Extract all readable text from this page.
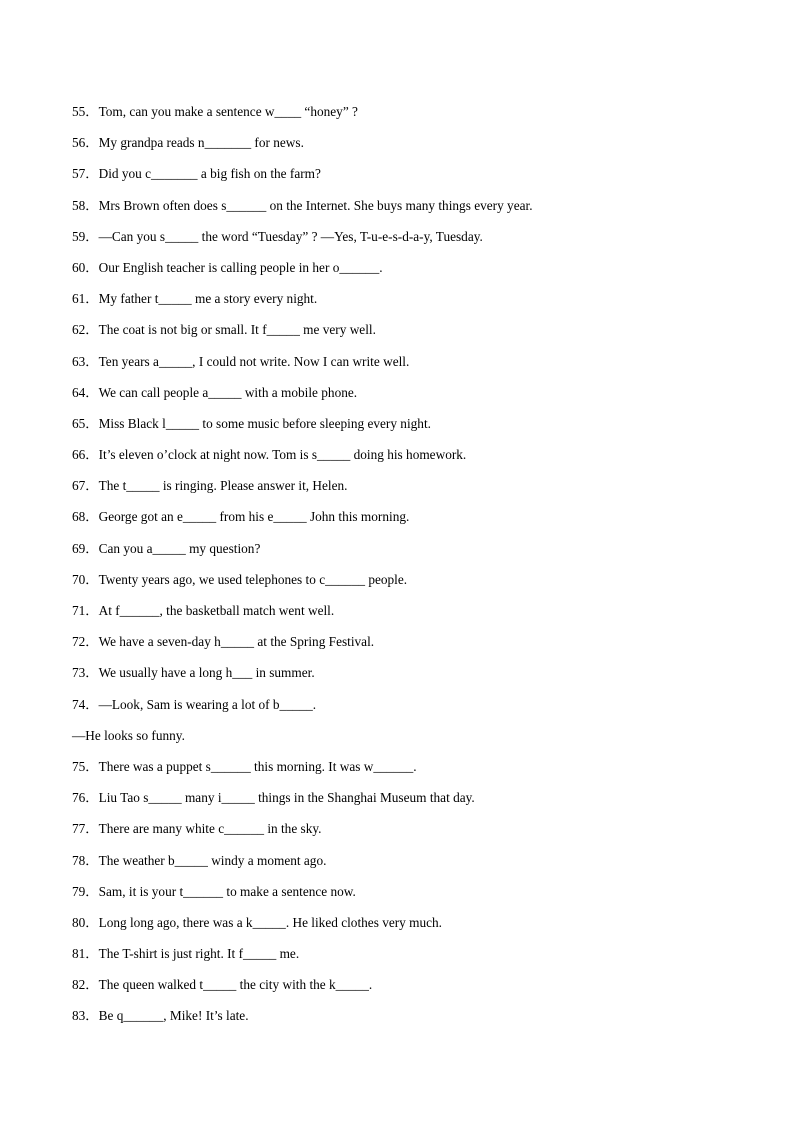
55．Tom, can you make a sentence w____ “honey” ?
56．My grandpa reads n_______ for news.
57．Did you c_______ a big fish on the farm?
58．Mrs Brown often does s______ on the Internet. She buys many things every year.
59．—Can you s_____ the word “Tuesday” ? —Yes, T-u-e-s-d-a-y, Tuesday.
60．Our English teacher is calling people in her o______.
61．My father t_____ me a story every night.
62．The coat is not big or small. It f_____ me very well.
63．Ten years a_____, I could not write. Now I can write well.
64．We can call people a_____ with a mobile phone.
65．Miss Black l_____ to some music before sleeping every night.
66．It’s eleven o’clock at night now. Tom is s_____ doing his homework.
67．The t_____ is ringing. Please answer it, Helen.
68．George got an e_____ from his e_____ John this morning.
69．Can you a_____ my question?
70．Twenty years ago, we used telephones to c______ people.
71．At f______, the basketball match went well.
72．We have a seven-day h_____ at the Spring Festival.
73．We usually have a long h___ in summer.
74．—Look, Sam is wearing a lot of b_____.
—He looks so funny.
75．There was a puppet s______ this morning. It was w______.
76．Liu Tao s_____ many i_____ things in the Shanghai Museum that day.
77．There are many white c______ in the sky.
78．The weather b_____ windy a moment ago.
79．Sam, it is your t______ to make a sentence now.
80．Long long ago, there was a k_____. He liked clothes very much.
81．The T-shirt is just right. It f_____ me.
82．The queen walked t_____ the city with the k_____.
83．Be q______, Mike! It’s late.
